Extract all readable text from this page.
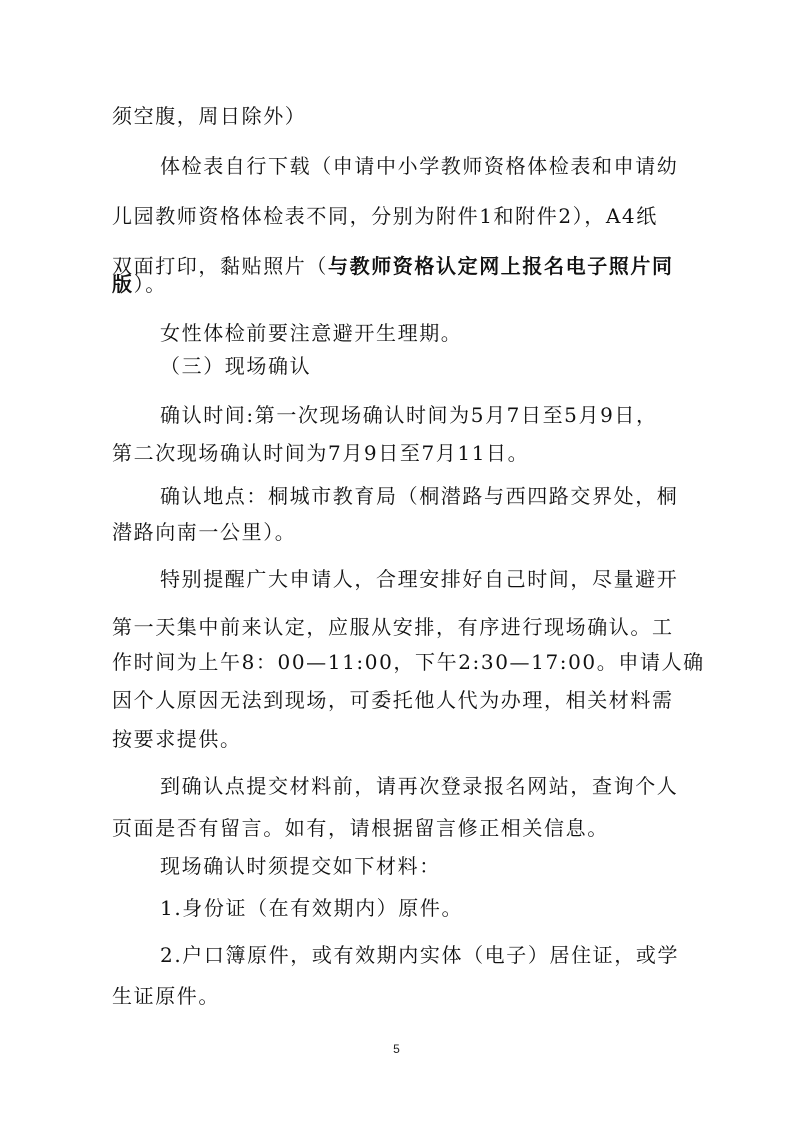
须空腹，周日除外）
体检表自行下载（申请中小学教师资格体检表和申请幼
儿园教师资格体检表不同，分别为附件1和附件2），A4纸
双面打印，黏贴照片（与教师资格认定网上报名电子照片同
版）。
女性体检前要注意避开生理期。
（三）现场确认
确认时间:第一次现场确认时间为5月7日至5月9日，
第二次现场确认时间为7月9日至7月11日。
确认地点：桐城市教育局（桐潜路与西四路交界处，桐
潜路向南一公里）。
特别提醒广大申请人，合理安排好自己时间，尽量避开
第一天集中前来认定，应服从安排，有序进行现场确认。工
作时间为上午8：00—11:00，下午2:30—17:00。申请人确
因个人原因无法到现场，可委托他人代为办理，相关材料需
按要求提供。
到确认点提交材料前，请再次登录报名网站，查询个人
页面是否有留言。如有，请根据留言修正相关信息。
现场确认时须提交如下材料：
1.身份证（在有效期内）原件。
2.户口簿原件，或有效期内实体（电子）居住证，或学
生证原件。
5
